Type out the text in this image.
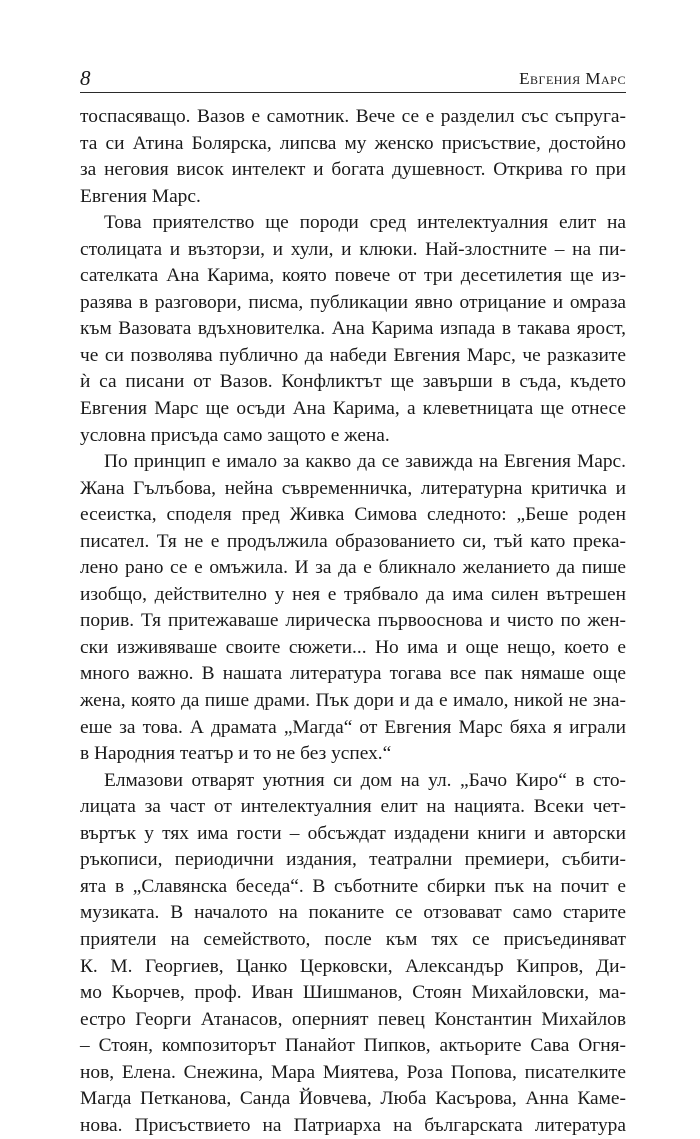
8	Евгения Марс
тоспасяващо. Вазов е самотник. Вече се е разделил със съпруга-
та си Атина Болярска, липсва му женско присъствие, достойно
за неговия висок интелект и богата душевност. Открива го при
Евгения Марс.
Това приятелство ще породи сред интелектуалния елит на
столицата и възторзи, и хули, и клюки. Най-злостните – на пи-
сателката Ана Карима, която повече от три десетилетия ще из-
разява в разговори, писма, публикации явно отрицание и омраза
към Вазовата вдъхновителка. Ана Карима изпада в такава ярост,
че си позволява публично да набеди Евгения Марс, че разказите
ѝ са писани от Вазов. Конфликтът ще завърши в съда, където
Евгения Марс ще осъди Ана Карима, а клеветницата ще отнесе
условна присъда само защото е жена.
По принцип е имало за какво да се завижда на Евгения Марс.
Жана Гълъбова, нейна съвременничка, литературна критичка и
есеистка, споделя пред Живка Симова следното: „Беше роден
писател. Тя не е продължила образованието си, тъй като прекa-
лено рано се е омъжила. И за да е бликнало желанието да пише
изобщо, действително у нея е трябвало да има силен вътрешен
порив. Тя притежаваше лирическа първооснова и чисто по жен-
ски изживяваше своите сюжети... Но има и още нещо, което е
много важно. В нашата литература тогава все пак нямаше още
жена, която да пише драми. Пък дори и да е имало, никой не зна-
еше за това. А драмата „Магда“ от Евгения Марс бяха я играли
в Народния театър и то не без успех.“
Елмазови отварят уютния си дом на ул. „Бачо Киро“ в сто-
лицата за част от интелектуалния елит на нацията. Всеки чет-
въртък у тях има гости – обсъждат издадени книги и авторски
ръкописи, периодични издания, театрални премиери, събити-
ята в „Славянска беседа“. В съботните сбирки пък на почит е
музиката. В началото на поканите се отзовават само старите
приятели на семейството, после към тях се присъединяват
К. М. Георгиев, Цанко Церковски, Александър Кипров, Ди-
мо Кьорчев, проф. Иван Шишманов, Стоян Михайловски, ма-
естро Георги Атанасов, оперният певец Константин Михайлов
– Стоян, композиторът Панайот Пипков, актьорите Сава Огня-
нов, Елена. Снежина, Мара Миятева, Роза Попова, писателките
Магда Петканова, Санда Йовчева, Люба Касърова, Анна Каме-
нова. Присъствието на Патриарха на българската литература
